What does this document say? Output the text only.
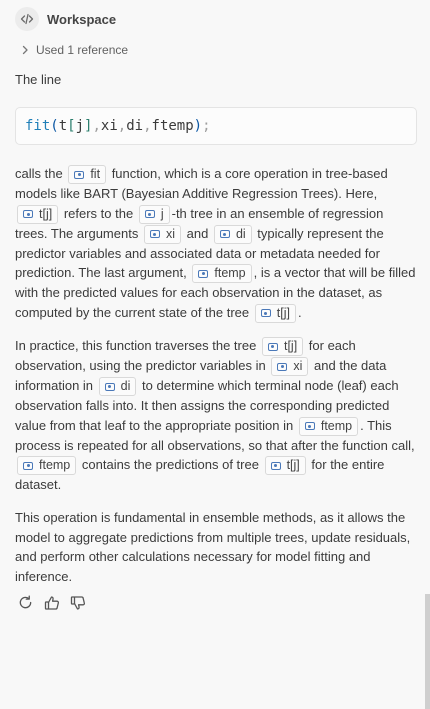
Workspace
Used 1 reference
The line
fit ( t [ j ] , xi , di , ftemp ) ;
calls the fit function, which is a core operation in tree-based models like BART (Bayesian Additive Regression Trees). Here,
t[j] refers to the j -th tree in an ensemble of regression trees. The arguments xi and di typically represent the predictor variables and associated data or metadata needed for prediction. The last argument, ftemp , is a vector that will be filled with the predicted values for each observation in the dataset, as computed by the current state of the tree t[j] .
In practice, this function traverses the tree t[j] for each observation, using the predictor variables in xi and the data information in di to determine which terminal node (leaf) each observation falls into. It then assigns the corresponding predicted value from that leaf to the appropriate position in ftemp . This process is repeated for all observations, so that after the function call,
ftemp contains the predictions of tree t[j] for the entire dataset.
This operation is fundamental in ensemble methods, as it allows the model to aggregate predictions from multiple trees, update residuals, and perform other calculations necessary for model fitting and inference.
